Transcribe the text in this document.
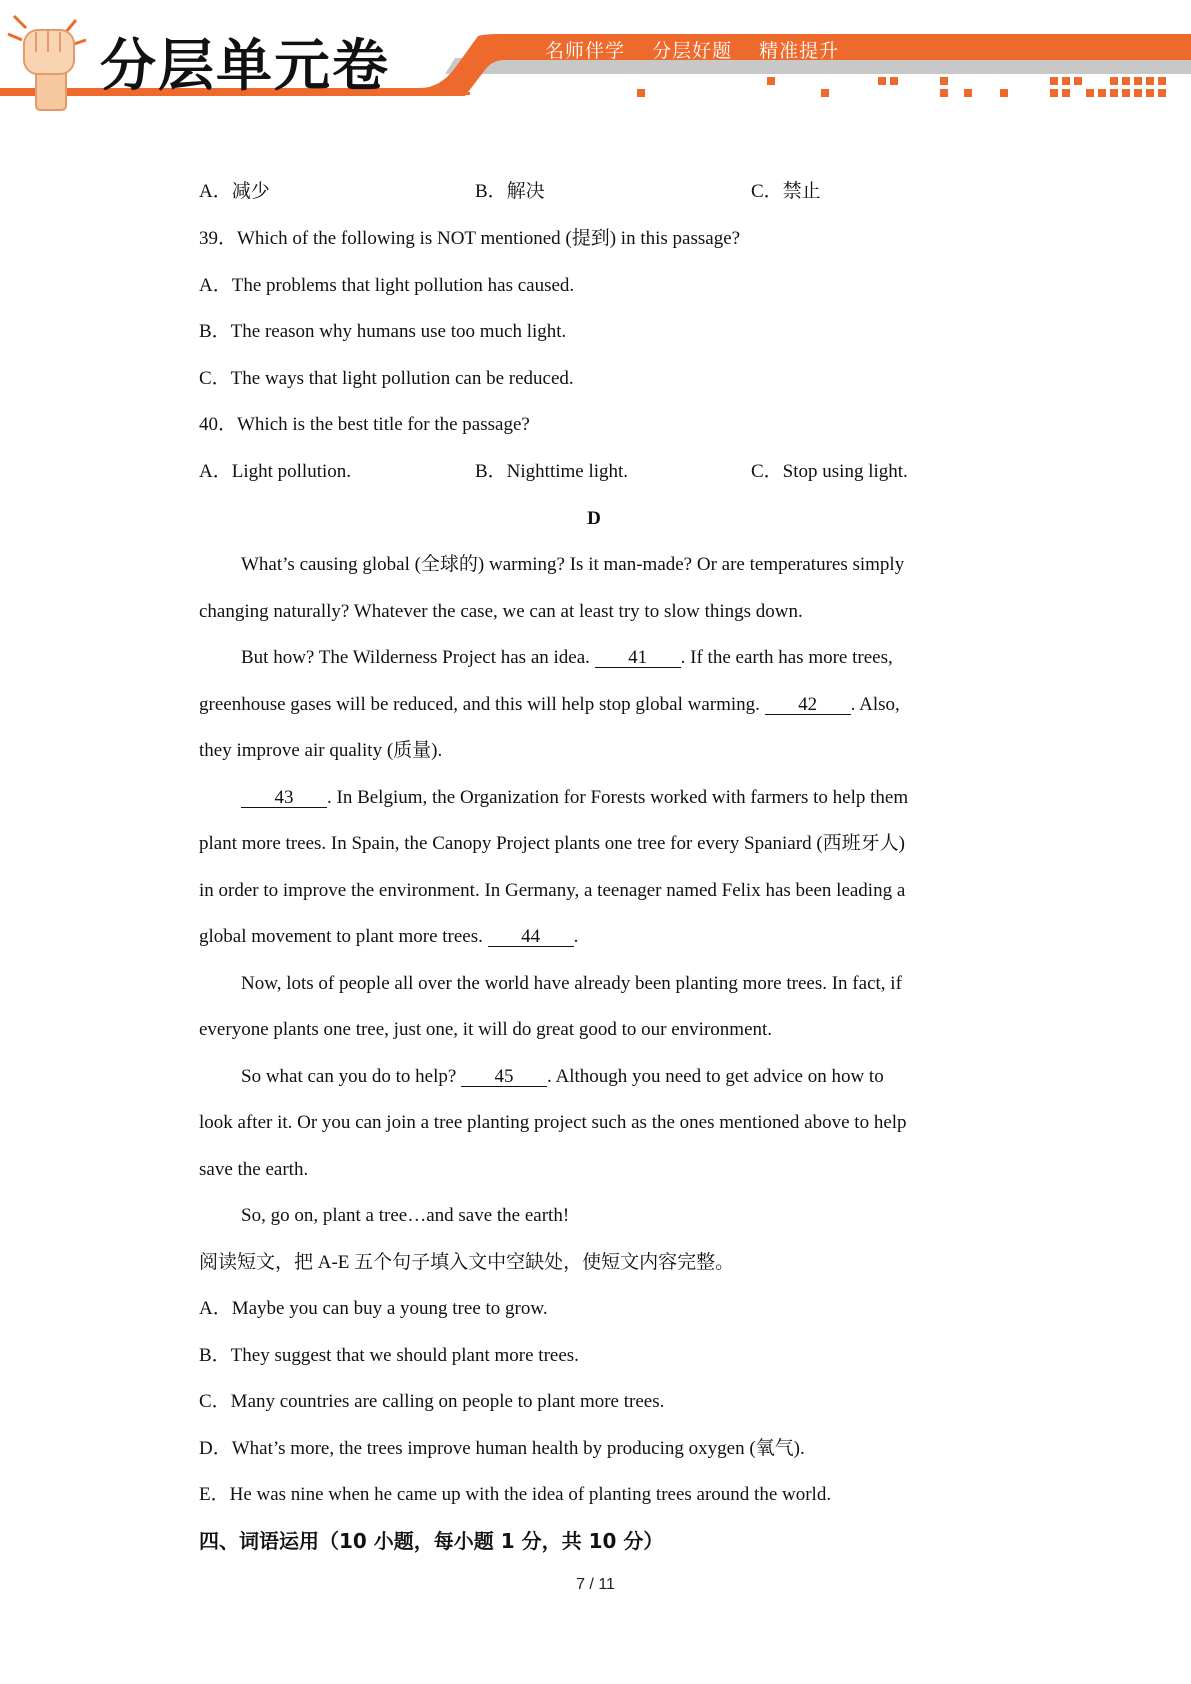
分层单元卷	名师伴学 分层好题 精准提升
A．减少	B．解决	C．禁止
39．Which of the following is NOT mentioned (提到) in this passage?
A．The problems that light pollution has caused.
B．The reason why humans use too much light.
C．The ways that light pollution can be reduced.
40．Which is the best title for the passage?
A．Light pollution.	B．Nighttime light.	C．Stop using light.
D
What’s causing global (全球的) warming? Is it man-made? Or are temperatures simply
changing naturally? Whatever the case, we can at least try to slow things down.
But how? The Wilderness Project has an idea. 41 . If the earth has more trees,
greenhouse gases will be reduced, and this will help stop global warming. 42 . Also,
they improve air quality (质量).
43 . In Belgium, the Organization for Forests worked with farmers to help them
plant more trees. In Spain, the Canopy Project plants one tree for every Spaniard (西班牙人)
in order to improve the environment. In Germany, a teenager named Felix has been leading a
global movement to plant more trees. 44 .
Now, lots of people all over the world have already been planting more trees. In fact, if
everyone plants one tree, just one, it will do great good to our environment.
So what can you do to help? 45 . Although you need to get advice on how to
look after it. Or you can join a tree planting project such as the ones mentioned above to help
save the earth.
So, go on, plant a tree…and save the earth!
阅读短文，把 A-E 五个句子填入文中空缺处，使短文内容完整。
A．Maybe you can buy a young tree to grow.
B．They suggest that we should plant more trees.
C．Many countries are calling on people to plant more trees.
D．What’s more, the trees improve human health by producing oxygen (氧气).
E．He was nine when he came up with the idea of planting trees around the world.
四、词语运用（10 小题，每小题 1 分，共 10 分）
7 / 11
